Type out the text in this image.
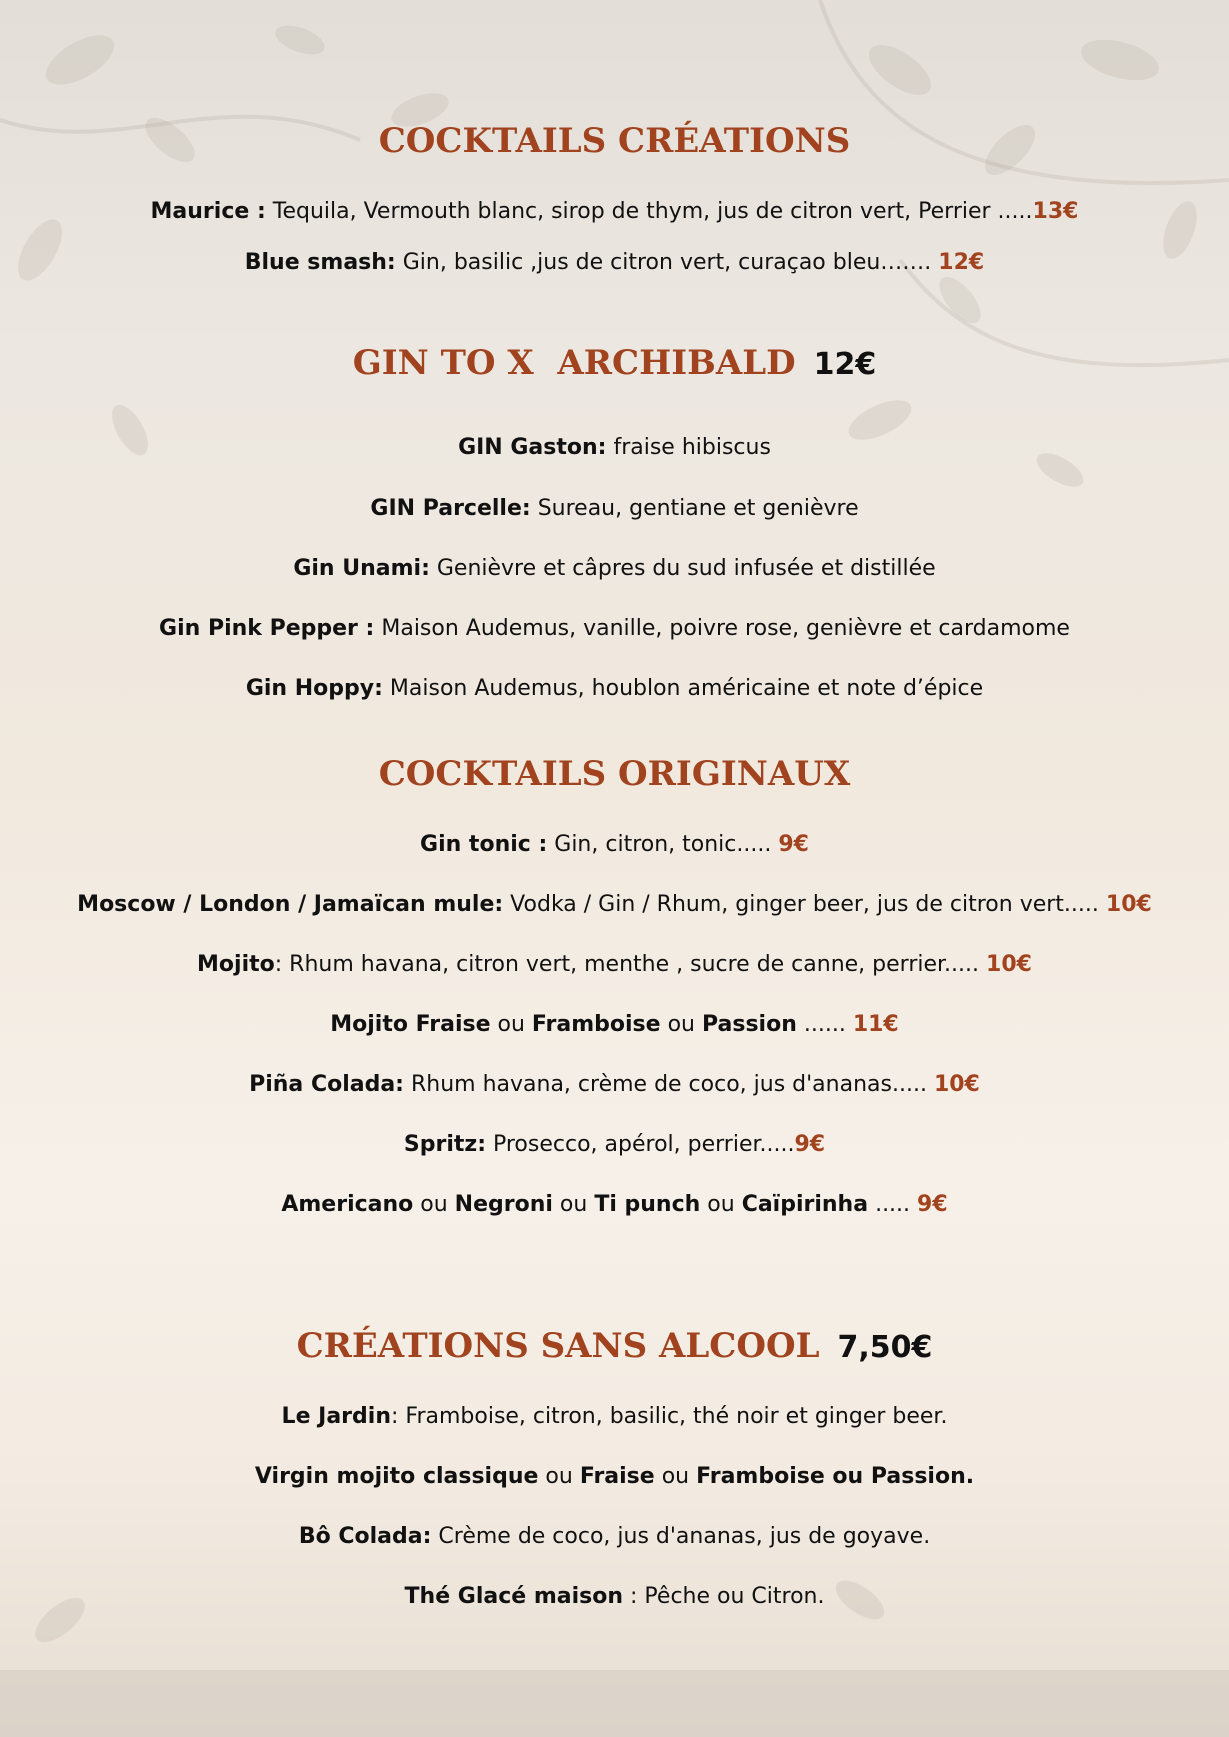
COCKTAILS CRÉATIONS

Maurice : Tequila, Vermouth blanc, sirop de thym, jus de citron vert, Perrier .....13€

Blue smash: Gin, basilic ,jus de citron vert, curaçao bleu……. 12€

GIN TO X  ARCHIBALD 12€

GIN Gaston: fraise hibiscus

GIN Parcelle: Sureau, gentiane et genièvre

Gin Unami: Genièvre et câpres du sud infusée et distillée

Gin Pink Pepper : Maison Audemus, vanille, poivre rose, genièvre et cardamome

Gin Hoppy: Maison Audemus, houblon américaine et note d’épice

COCKTAILS ORIGINAUX

Gin tonic : Gin, citron, tonic..... 9€

Moscow / London / Jamaïcan mule: Vodka / Gin / Rhum, ginger beer, jus de citron vert..... 10€

Mojito: Rhum havana, citron vert, menthe , sucre de canne, perrier..... 10€

Mojito Fraise ou Framboise ou Passion ...... 11€

Piña Colada: Rhum havana, crème de coco, jus d'ananas..... 10€

Spritz: Prosecco, apérol, perrier.....9€

Americano ou Negroni ou Ti punch ou Caïpirinha ..... 9€

CRÉATIONS SANS ALCOOL 7,50€

Le Jardin: Framboise, citron, basilic, thé noir et ginger beer.

Virgin mojito classique ou Fraise ou Framboise ou Passion.

Bô Colada: Crème de coco, jus d'ananas, jus de goyave.

Thé Glacé maison : Pêche ou Citron.
